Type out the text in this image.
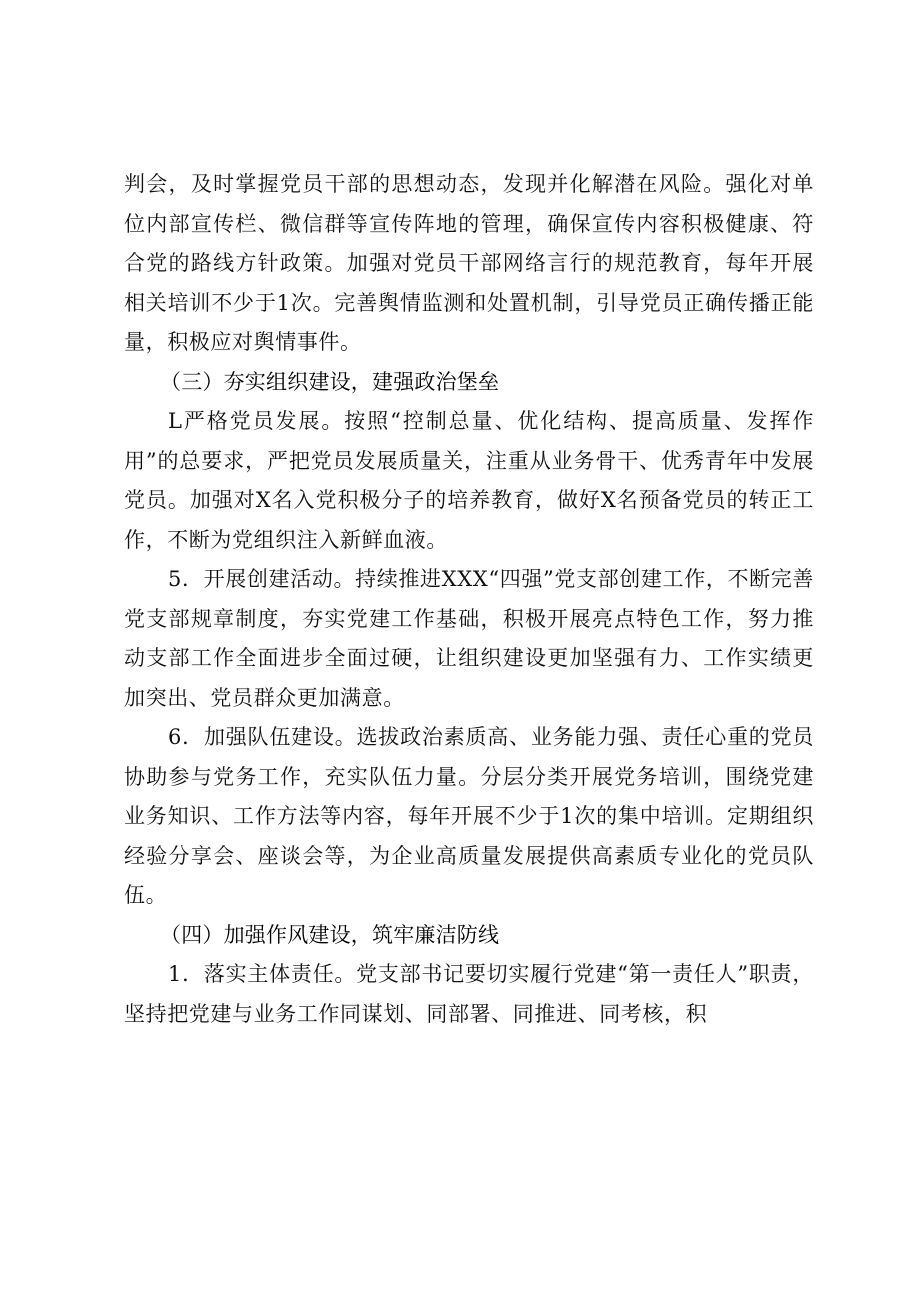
判会，及时掌握党员干部的思想动态，发现并化解潜在风险。强化对单位内部宣传栏、微信群等宣传阵地的管理，确保宣传内容积极健康、符合党的路线方针政策。加强对党员干部网络言行的规范教育，每年开展相关培训不少于1次。完善舆情监测和处置机制，引导党员正确传播正能量，积极应对舆情事件。

（三）夯实组织建设，建强政治堡垒

L严格党员发展。按照“控制总量、优化结构、提高质量、发挥作用”的总要求，严把党员发展质量关，注重从业务骨干、优秀青年中发展党员。加强对X名入党积极分子的培养教育，做好X名预备党员的转正工作，不断为党组织注入新鲜血液。

5．开展创建活动。持续推进XXX“四强”党支部创建工作，不断完善党支部规章制度，夯实党建工作基础，积极开展亮点特色工作，努力推动支部工作全面进步全面过硬，让组织建设更加坚强有力、工作实绩更加突出、党员群众更加满意。

6．加强队伍建设。选拔政治素质高、业务能力强、责任心重的党员协助参与党务工作，充实队伍力量。分层分类开展党务培训，围绕党建业务知识、工作方法等内容，每年开展不少于1次的集中培训。定期组织经验分享会、座谈会等，为企业高质量发展提供高素质专业化的党员队伍。

（四）加强作风建设，筑牢廉洁防线

1．落实主体责任。党支部书记要切实履行党建“第一责任人”职责，坚持把党建与业务工作同谋划、同部署、同推进、同考核，积
